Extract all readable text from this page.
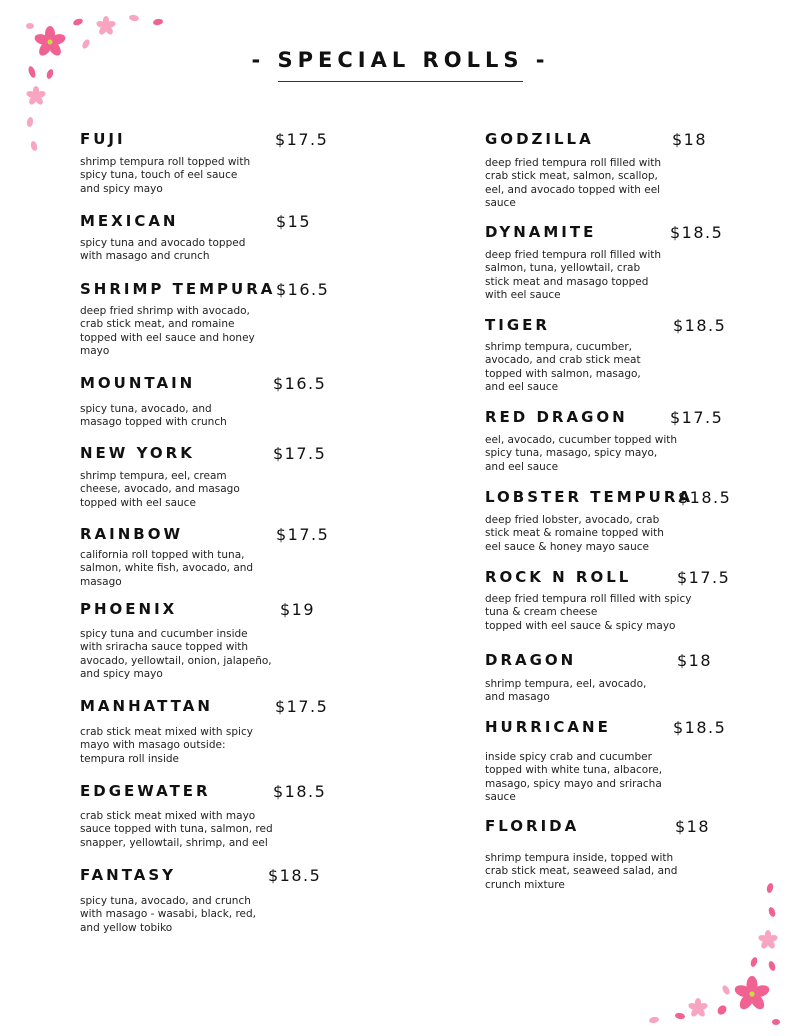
- SPECIAL ROLLS -
FUJI	$17.5
shrimp tempura roll topped with
spicy tuna, touch of eel sauce
and spicy mayo
MEXICAN	$15
spicy tuna and avocado topped
with masago and crunch
SHRIMP TEMPURA $16.5
deep fried shrimp with avocado,
crab stick meat, and romaine
topped with eel sauce and honey
mayo
MOUNTAIN	$16.5
spicy tuna, avocado, and
masago topped with crunch
NEW YORK	$17.5
shrimp tempura, eel, cream
cheese, avocado, and masago
topped with eel sauce
RAINBOW	$17.5
california roll topped with tuna,
salmon, white fish, avocado, and
masago
PHOENIX	$19
spicy tuna and cucumber inside
with sriracha sauce topped with
avocado, yellowtail, onion, jalapeño,
and spicy mayo
MANHATTAN	$17.5
crab stick meat mixed with spicy
mayo with masago outside:
tempura roll inside
EDGEWATER	$18.5
crab stick meat mixed with mayo
sauce topped with tuna, salmon, red
snapper, yellowtail, shrimp, and eel
FANTASY	$18.5
spicy tuna, avocado, and crunch
with masago - wasabi, black, red,
and yellow tobiko
GODZILLA	$18
deep fried tempura roll filled with
crab stick meat, salmon, scallop,
eel, and avocado topped with eel
sauce
DYNAMITE	$18.5
deep fried tempura roll filled with
salmon, tuna, yellowtail, crab
stick meat and masago topped
with eel sauce
TIGER	$18.5
shrimp tempura, cucumber,
avocado, and crab stick meat
topped with salmon, masago,
and eel sauce
RED DRAGON	$17.5
eel, avocado, cucumber topped with
spicy tuna, masago, spicy mayo,
and eel sauce
LOBSTER TEMPURA
$18.5
deep fried lobster, avocado, crab
stick meat & romaine topped with
eel sauce & honey mayo sauce
ROCK N ROLL	$17.5
deep fried tempura roll filled with spicy
tuna & cream cheese
topped with eel sauce & spicy mayo
DRAGON	$18
shrimp tempura, eel, avocado,
and masago
HURRICANE	$18.5
inside spicy crab and cucumber
topped with white tuna, albacore,
masago, spicy mayo and sriracha
sauce
FLORIDA	$18
shrimp tempura inside, topped with
crab stick meat, seaweed salad, and
crunch mixture
